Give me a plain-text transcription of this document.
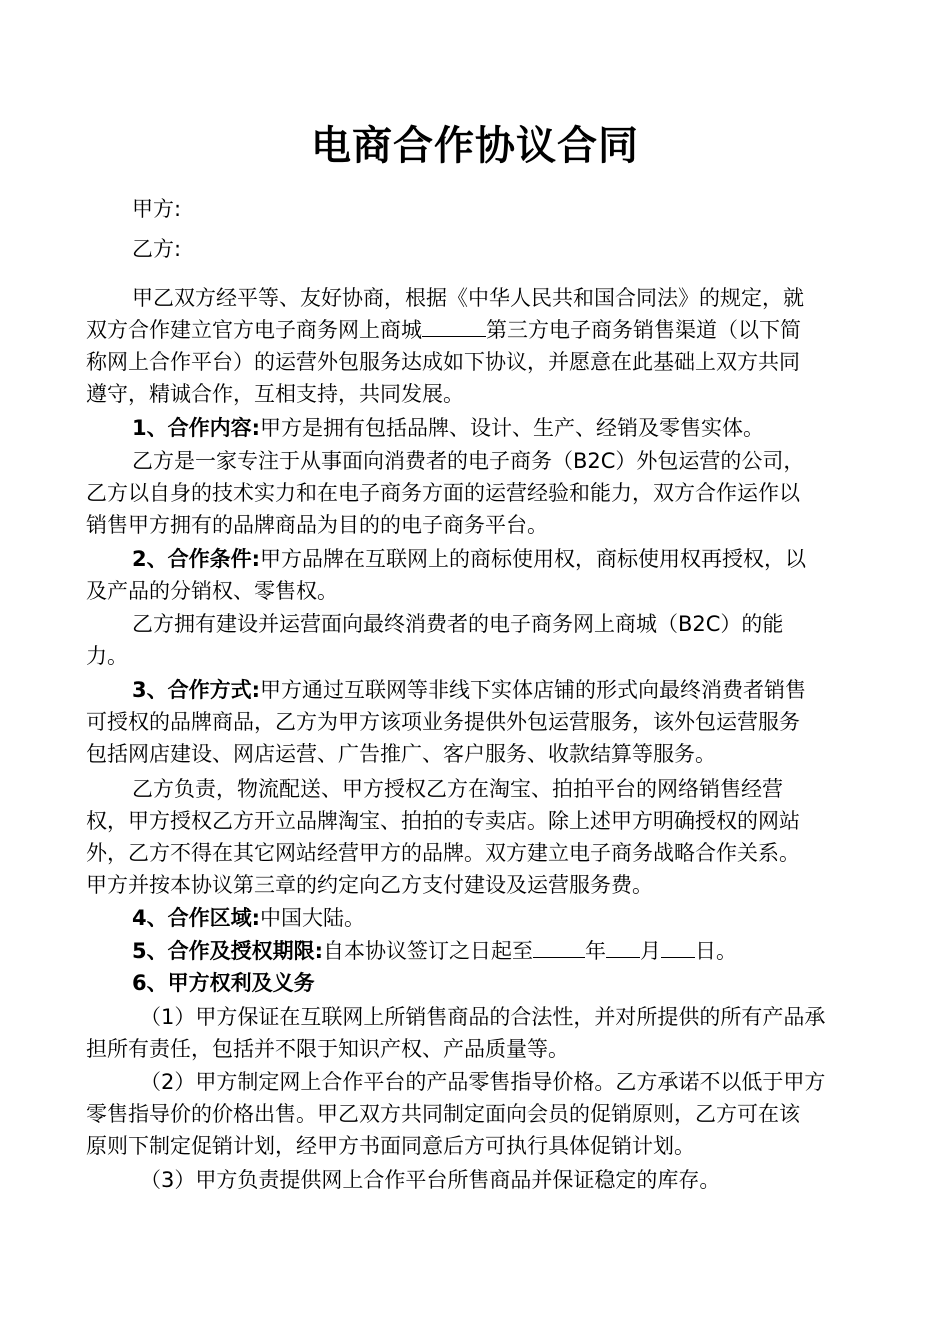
电商合作协议合同
甲方:
乙方:
甲乙双方经平等、友好协商，根据《中华人民共和国合同法》的规定，就
双方合作建立官方电子商务网上商城	第三方电子商务销售渠道（以下简
称网上合作平台）的运营外包服务达成如下协议，并愿意在此基础上双方共同
遵守，精诚合作，互相支持，共同发展。
1、合作内容:甲方是拥有包括品牌、设计、生产、经销及零售实体。
乙方是一家专注于从事面向消费者的电子商务（B2C）外包运营的公司，
乙方以自身的技术实力和在电子商务方面的运营经验和能力，双方合作运作以
销售甲方拥有的品牌商品为目的的电子商务平台。
2、合作条件:甲方品牌在互联网上的商标使用权，商标使用权再授权，以
及产品的分销权、零售权。
乙方拥有建设并运营面向最终消费者的电子商务网上商城（B2C）的能
力。
3、合作方式:甲方通过互联网等非线下实体店铺的形式向最终消费者销售
可授权的品牌商品，乙方为甲方该项业务提供外包运营服务，该外包运营服务
包括网店建设、网店运营、广告推广、客户服务、收款结算等服务。
乙方负责，物流配送、甲方授权乙方在淘宝、拍拍平台的网络销售经营
权，甲方授权乙方开立品牌淘宝、拍拍的专卖店。除上述甲方明确授权的网站
外，乙方不得在其它网站经营甲方的品牌。双方建立电子商务战略合作关系。
甲方并按本协议第三章的约定向乙方支付建设及运营服务费。
4、合作区域:中国大陆。
5、合作及授权期限:自本协议签订之日起至 年 月 日。
6、甲方权利及义务
（1）甲方保证在互联网上所销售商品的合法性，并对所提供的所有产品承
担所有责任，包括并不限于知识产权、产品质量等。
（2）甲方制定网上合作平台的产品零售指导价格。乙方承诺不以低于甲方
零售指导价的价格出售。甲乙双方共同制定面向会员的促销原则，乙方可在该
原则下制定促销计划，经甲方书面同意后方可执行具体促销计划。
（3）甲方负责提供网上合作平台所售商品并保证稳定的库存。
